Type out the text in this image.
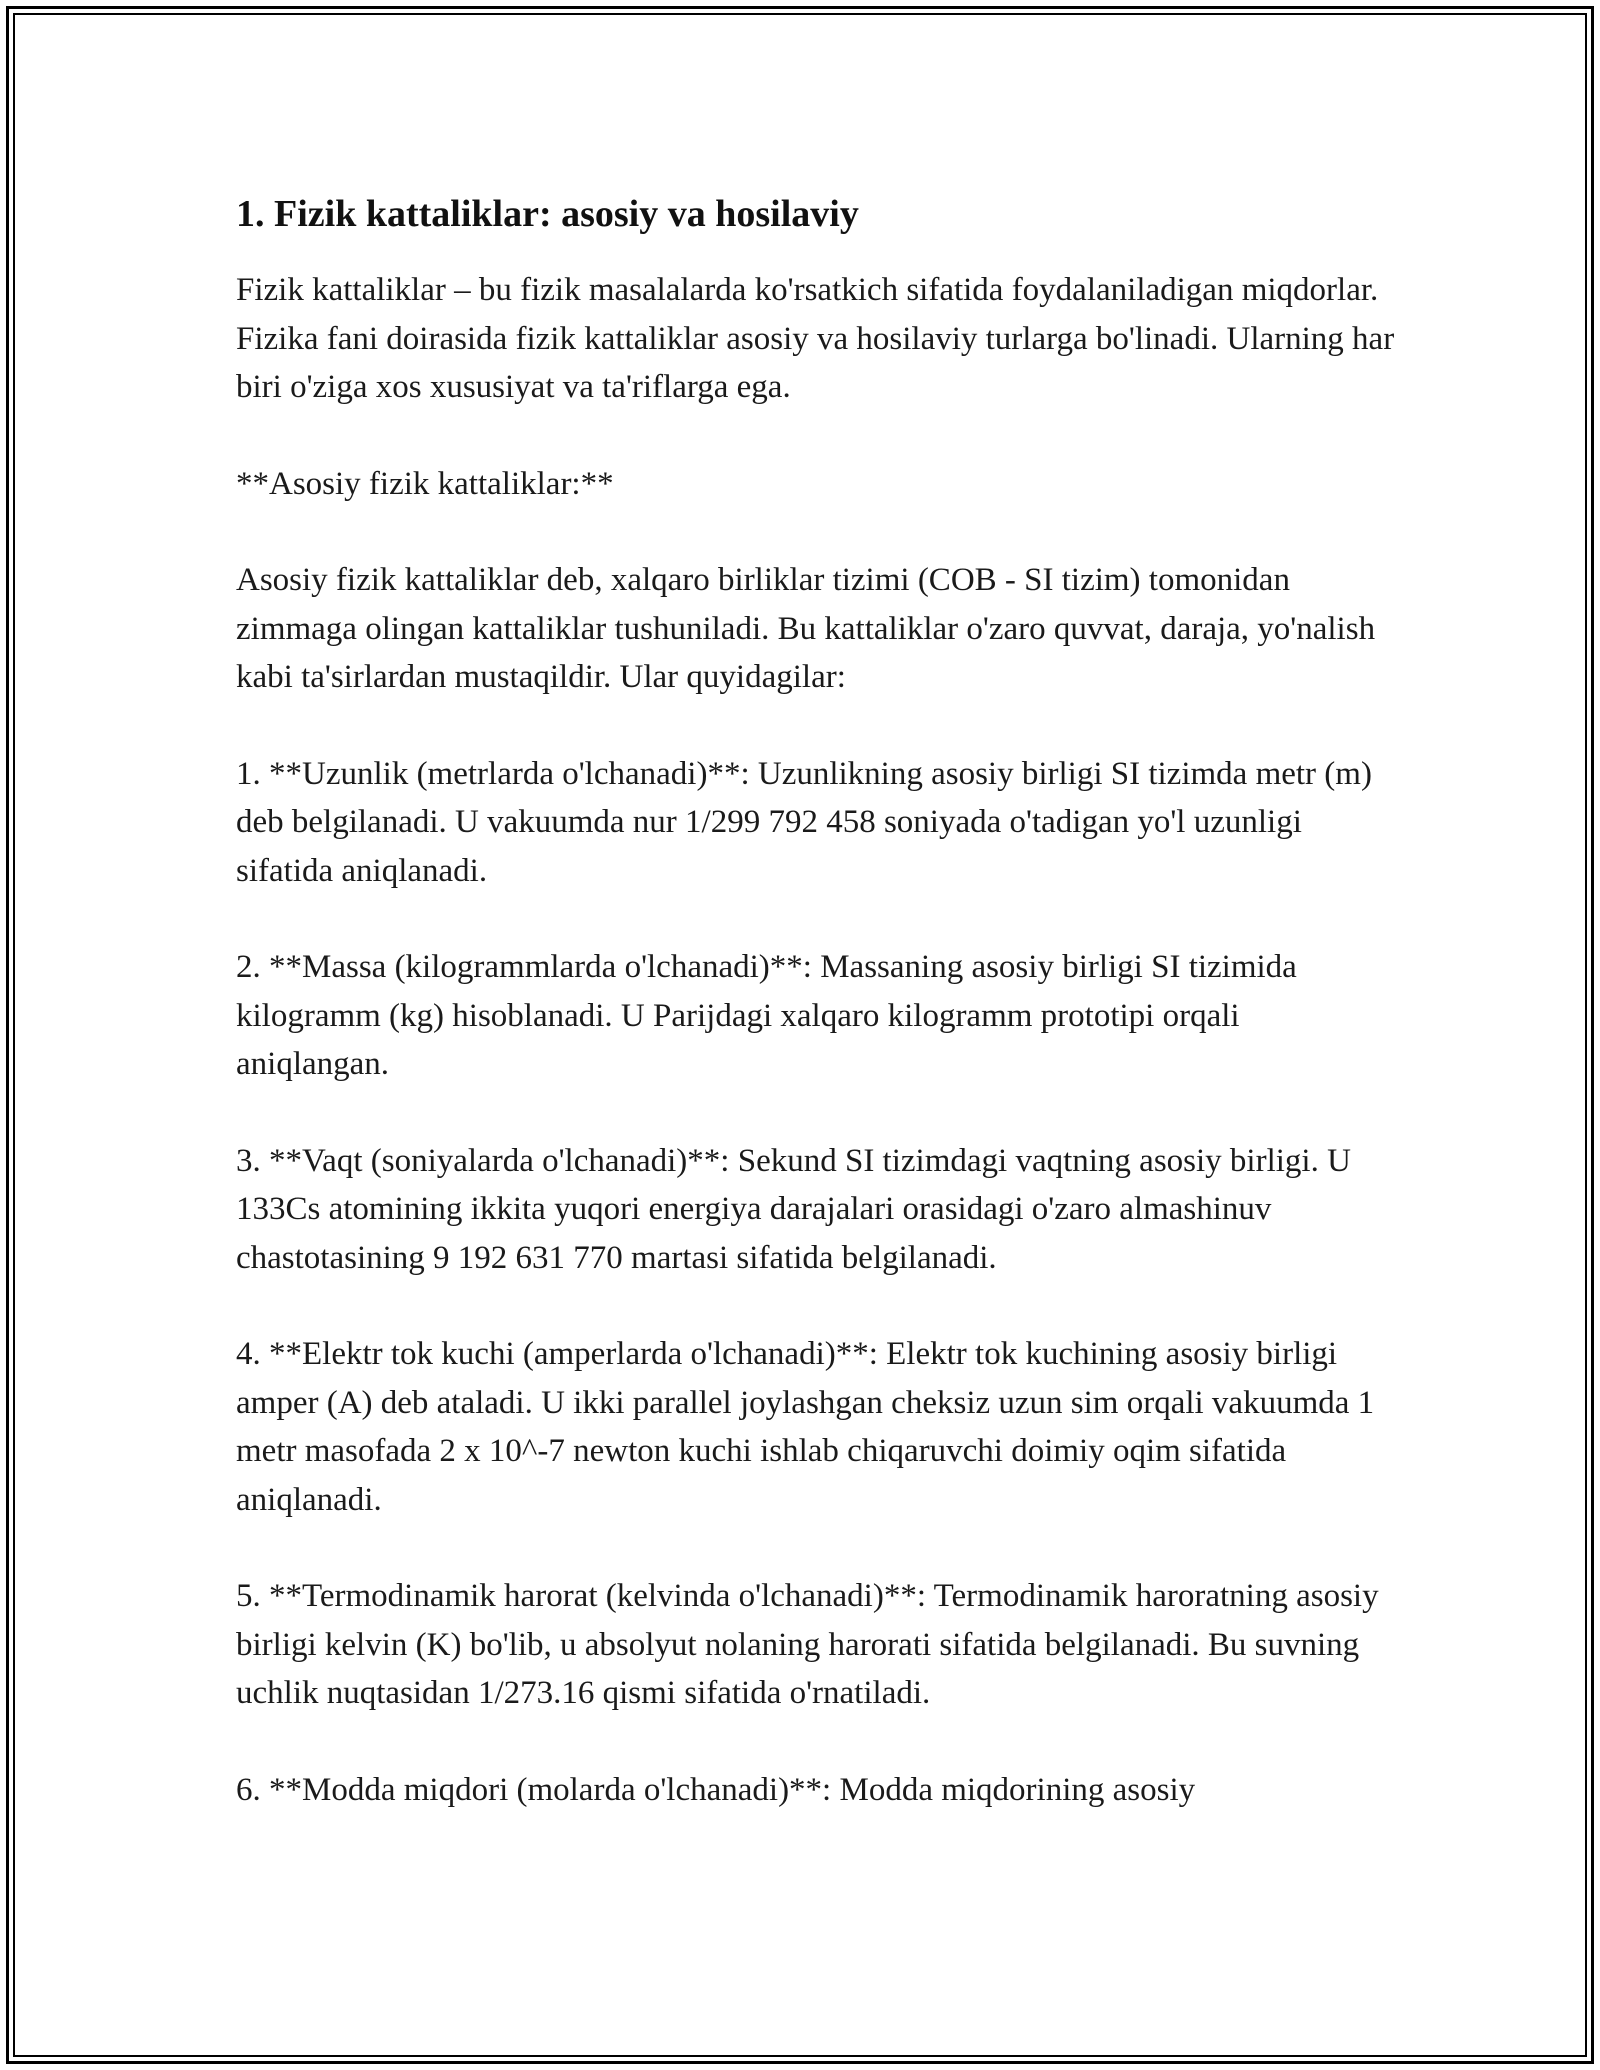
1. Fizik kattaliklar: asosiy va hosilaviy

Fizik kattaliklar – bu fizik masalalarda ko'rsatkich sifatida foydalaniladigan miqdorlar. Fizika fani doirasida fizik kattaliklar asosiy va hosilaviy turlarga bo'linadi. Ularning har biri o'ziga xos xususiyat va ta'riflarga ega.

**Asosiy fizik kattaliklar:**

Asosiy fizik kattaliklar deb, xalqaro birliklar tizimi (COB - SI tizim) tomonidan zimmaga olingan kattaliklar tushuniladi. Bu kattaliklar o'zaro quvvat, daraja, yo'nalish kabi ta'sirlardan mustaqildir. Ular quyidagilar:

1. **Uzunlik (metrlarda o'lchanadi)**: Uzunlikning asosiy birligi SI tizimda metr (m) deb belgilanadi. U vakuumda nur 1/299 792 458 soniyada o'tadigan yo'l uzunligi sifatida aniqlanadi.

2. **Massa (kilogrammlarda o'lchanadi)**: Massaning asosiy birligi SI tizimida kilogramm (kg) hisoblanadi. U Parijdagi xalqaro kilogramm prototipi orqali aniqlangan.

3. **Vaqt (soniyalarda o'lchanadi)**: Sekund SI tizimdagi vaqtning asosiy birligi. U 133Cs atomining ikkita yuqori energiya darajalari orasidagi o'zaro almashinuv chastotasining 9 192 631 770 martasi sifatida belgilanadi.

4. **Elektr tok kuchi (amperlarda o'lchanadi)**: Elektr tok kuchining asosiy birligi amper (A) deb ataladi. U ikki parallel joylashgan cheksiz uzun sim orqali vakuumda 1 metr masofada 2 x 10^-7 newton kuchi ishlab chiqaruvchi doimiy oqim sifatida aniqlanadi.

5. **Termodinamik harorat (kelvinda o'lchanadi)**: Termodinamik haroratning asosiy birligi kelvin (K) bo'lib, u absolyut nolaning harorati sifatida belgilanadi. Bu suvning uchlik nuqtasidan 1/273.16 qismi sifatida o'rnatiladi.

6. **Modda miqdori (molarda o'lchanadi)**: Modda miqdorining asosiy
